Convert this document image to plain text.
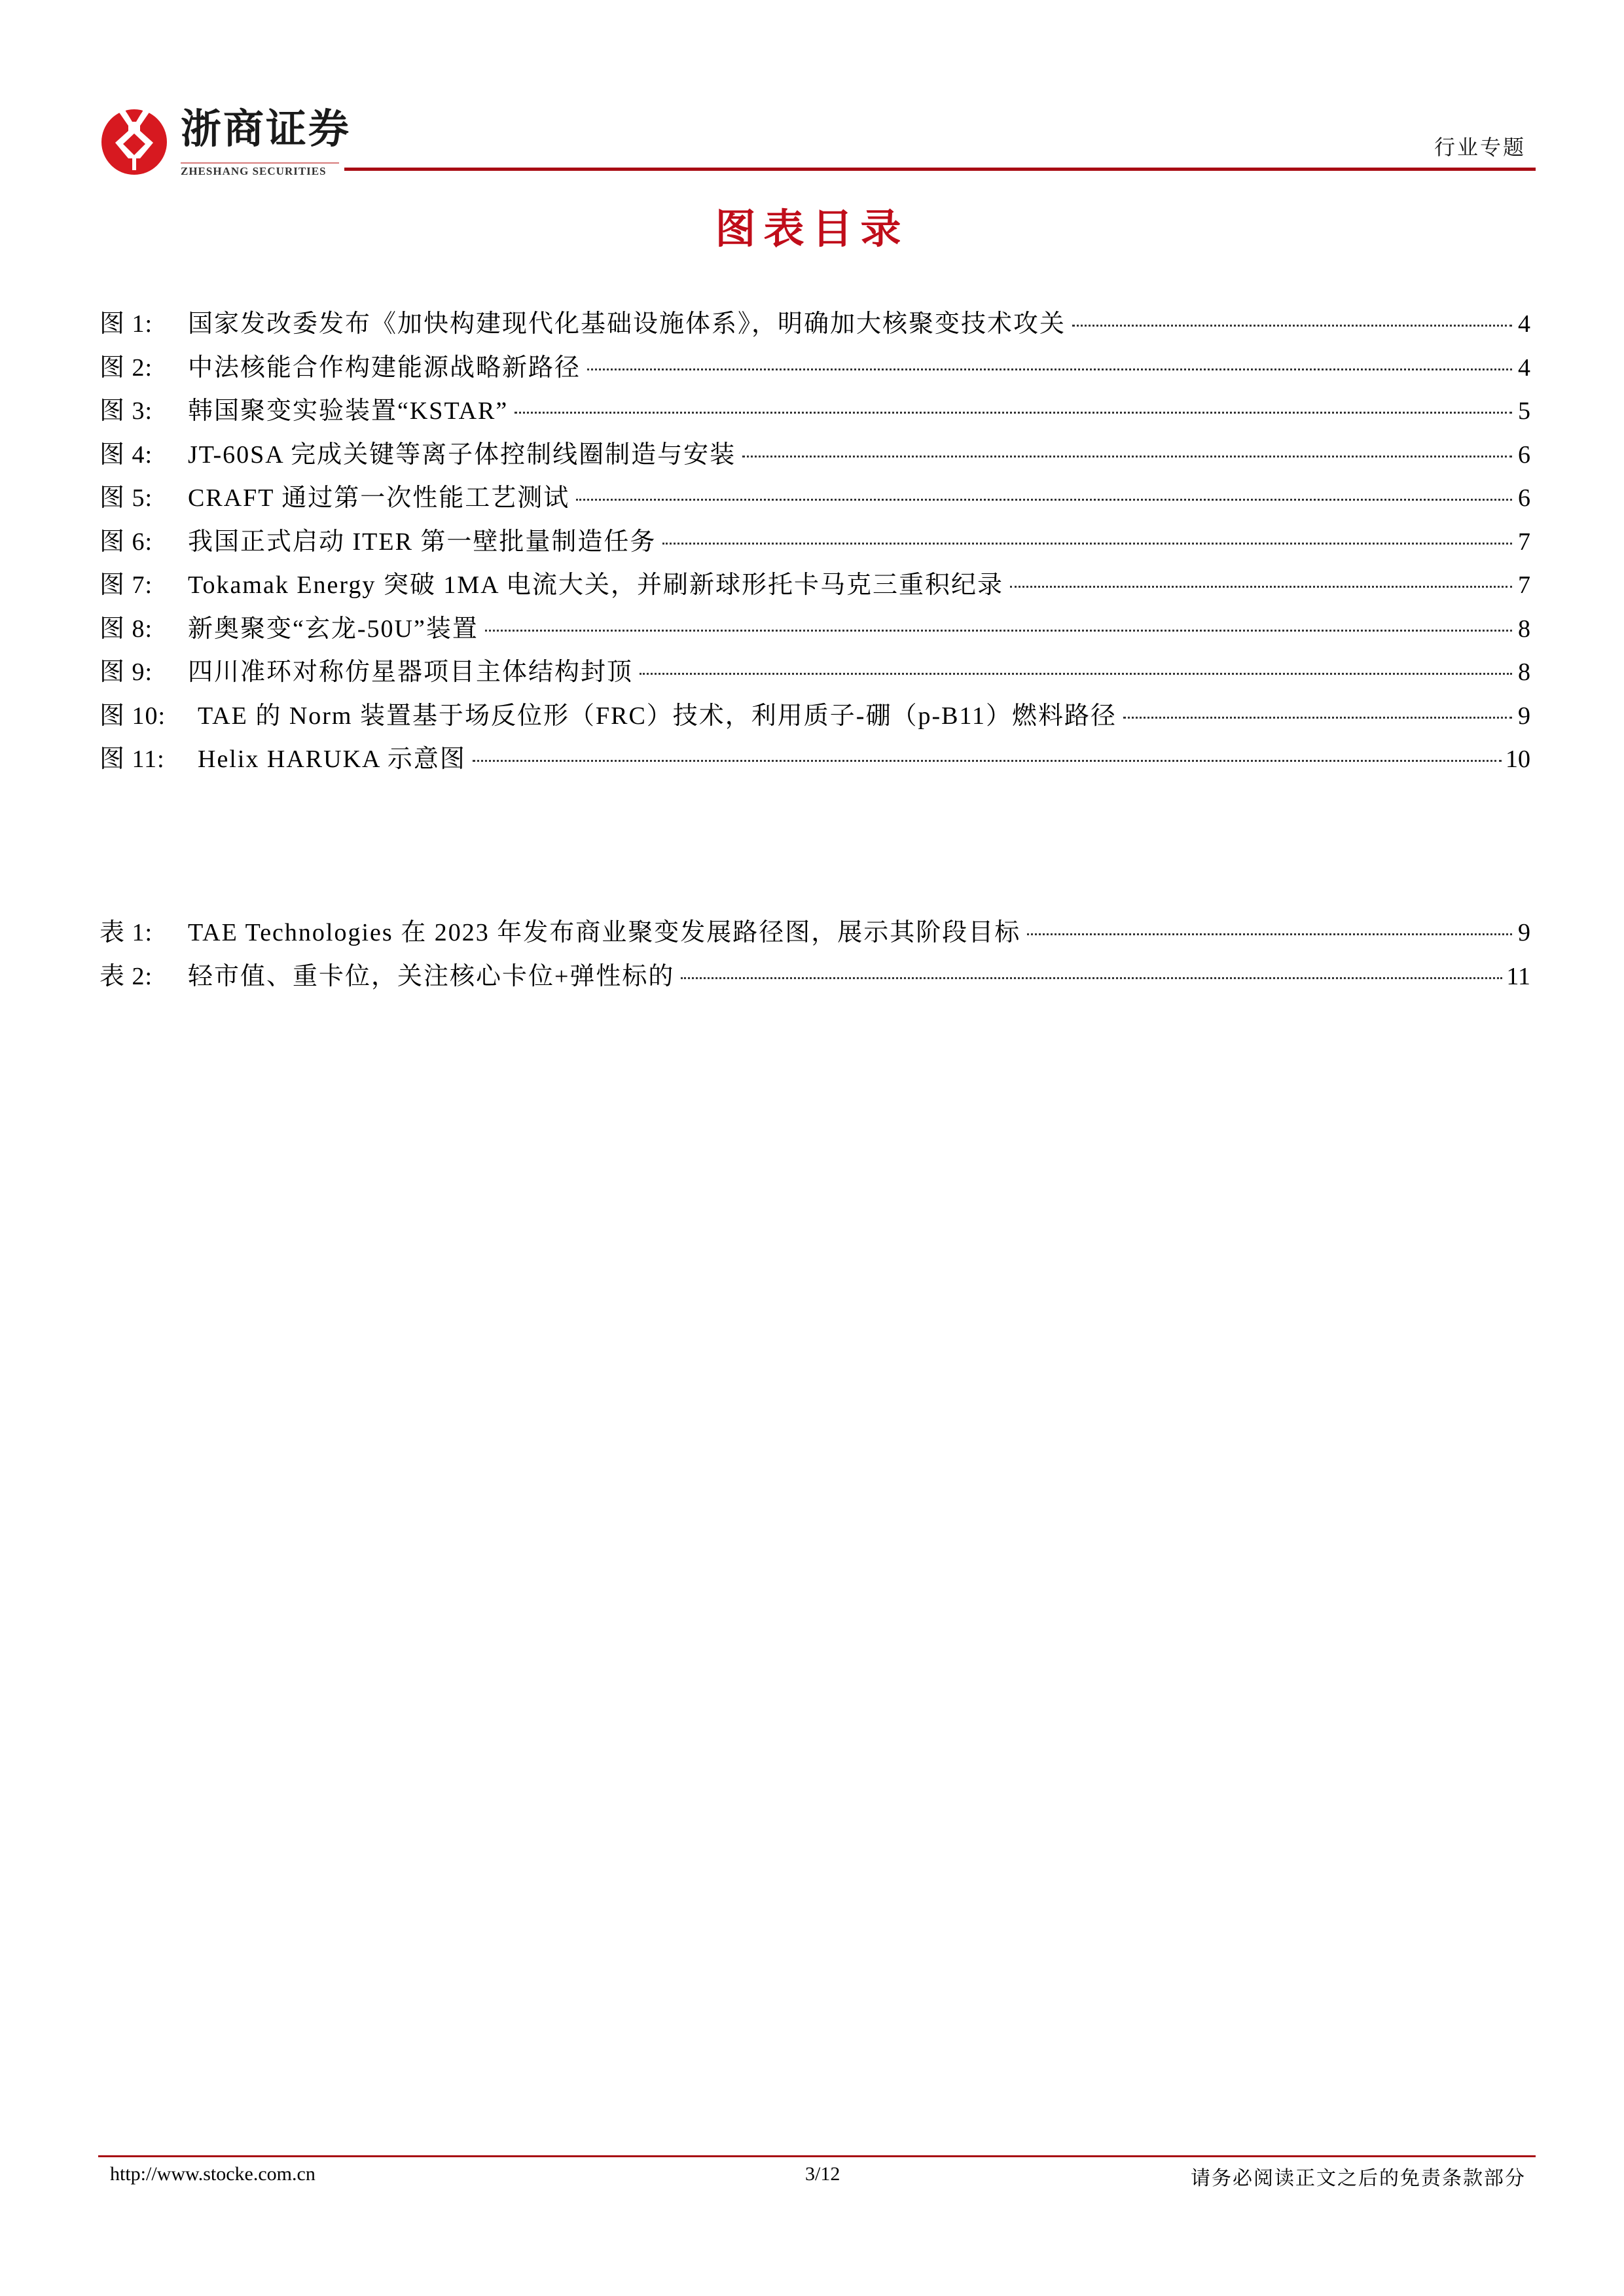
浙商证券
ZHESHANG SECURITIES
行业专题
图表目录
图 1:	国家发改委发布《加快构建现代化基础设施体系》，明确加大核聚变技术攻关	4
图 2:	中法核能合作构建能源战略新路径	4
图 3:	韩国聚变实验装置“KSTAR”	5
图 4:	JT-60SA 完成关键等离子体控制线圈制造与安装	6
图 5:	CRAFT 通过第一次性能工艺测试	6
图 6:	我国正式启动 ITER 第一壁批量制造任务	7
图 7:	Tokamak Energy 突破 1MA 电流大关，并刷新球形托卡马克三重积纪录	7
图 8:	新奥聚变“玄龙-50U”装置	8
图 9:	四川准环对称仿星器项目主体结构封顶	8
图 10:	TAE 的 Norm 装置基于场反位形（FRC）技术，利用质子-硼（p-B11）燃料路径	9
图 11:	Helix HARUKA 示意图	10
表 1:	TAE Technologies 在 2023 年发布商业聚变发展路径图，展示其阶段目标	9
表 2:	轻市值、重卡位，关注核心卡位+弹性标的	11
http://www.stocke.com.cn	3/12	请务必阅读正文之后的免责条款部分
